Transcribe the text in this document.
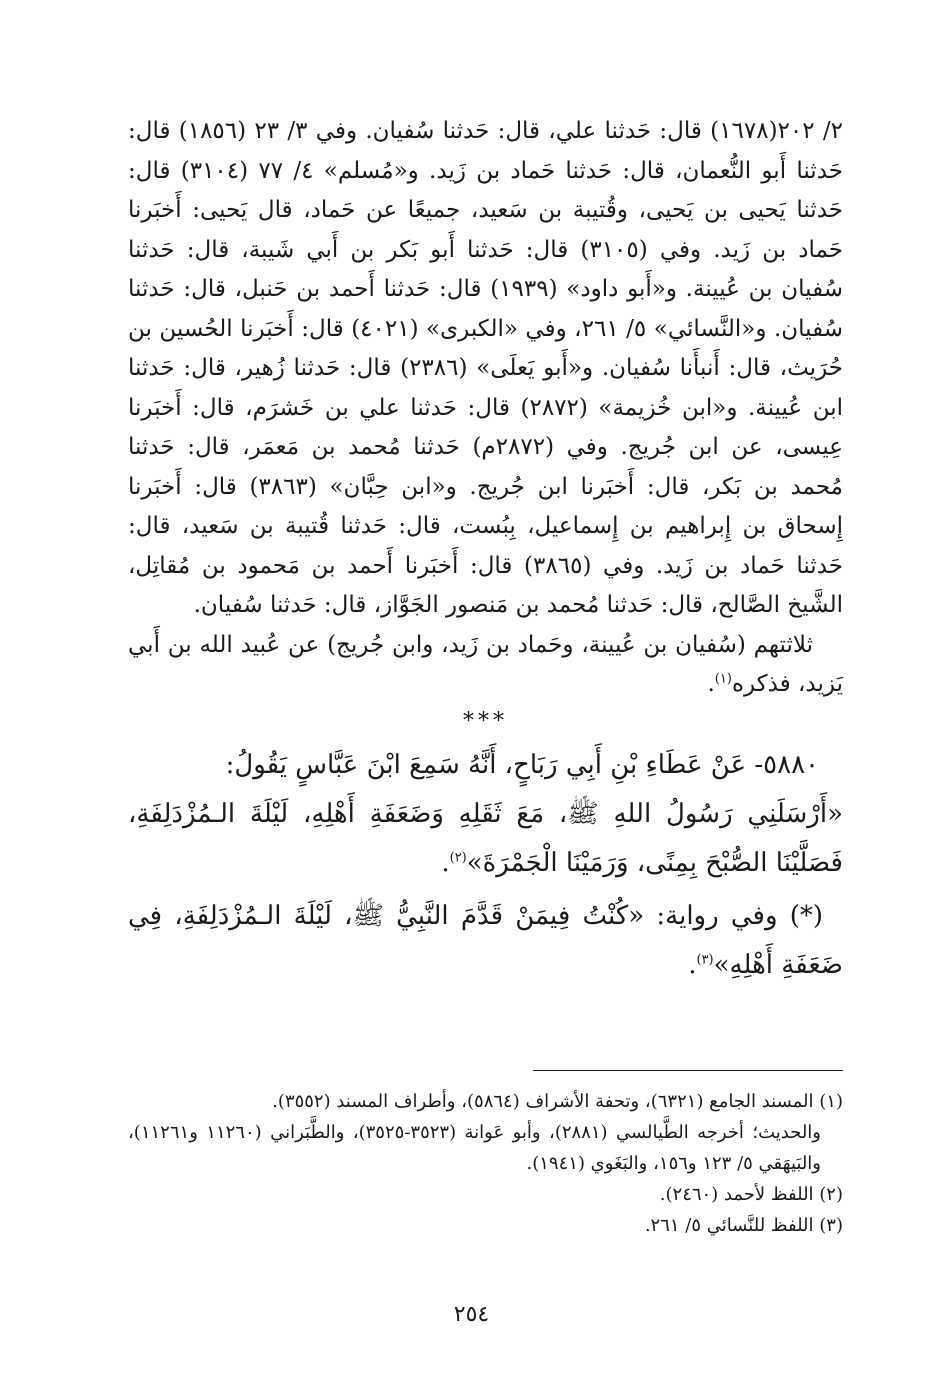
٢/ ٢٠٢(١٦٧٨) قال: حَدثنا علي، قال: حَدثنا سُفيان. وفي ٣/ ٢٣ (١٨٥٦) قال: حَدثنا أَبو النُّعمان، قال: حَدثنا حَماد بن زَيد. و«مُسلم» ٤/ ٧٧ (٣١٠٤) قال: حَدثنا يَحيى بن يَحيى، وقُتيبة بن سَعيد، جميعًا عن حَماد، قال يَحيى: أَخبَرنا حَماد بن زَيد. وفي (٣١٠٥) قال: حَدثنا أَبو بَكر بن أَبي شَيبة، قال: حَدثنا سُفيان بن عُيينة. و«أَبو داود» (١٩٣٩) قال: حَدثنا أَحمد بن حَنبل، قال: حَدثنا سُفيان. و«النَّسائي» ٥/ ٢٦١، وفي «الكبرى» (٤٠٢١) قال: أَخبَرنا الحُسين بن حُرَيث، قال: أَنبأَنا سُفيان. و«أَبو يَعلَى» (٢٣٨٦) قال: حَدثنا زُهير، قال: حَدثنا ابن عُيينة. و«ابن خُزيمة» (٢٨٧٢) قال: حَدثنا علي بن خَشرَم، قال: أَخبَرنا عِيسى، عن ابن جُريج. وفي (٢٨٧٢م) حَدثنا مُحمد بن مَعمَر، قال: حَدثنا مُحمد بن بَكر، قال: أَخبَرنا ابن جُريج. و«ابن حِبَّان» (٣٨٦٣) قال: أَخبَرنا إِسحاق بن إِبراهيم بن إِسماعيل، بِبُست، قال: حَدثنا قُتيبة بن سَعيد، قال: حَدثنا حَماد بن زَيد. وفي (٣٨٦٥) قال: أَخبَرنا أَحمد بن مَحمود بن مُقاتِل، الشَّيخ الصَّالح، قال: حَدثنا مُحمد بن مَنصور الجَوَّاز، قال: حَدثنا سُفيان.

ثلاثتهم (سُفيان بن عُيينة، وحَماد بن زَيد، وابن جُريج) عن عُبيد الله بن أَبي يَزيد، فذكره$^{(١)}$.

***

٥٨٨٠- عَنْ عَطَاءِ بْنِ أَبِي رَبَاحٍ، أَنَّهُ سَمِعَ ابْنَ عَبَّاسٍ يَقُولُ:

«أَرْسَلَنِي رَسُولُ اللهِ ﷺ، مَعَ ثَقَلِهِ وَضَعَفَةِ أَهْلِهِ، لَيْلَةَ الـمُزْدَلِفَةِ، فَصَلَّيْنَا الصُّبْحَ بِمِنًى، وَرَمَيْنَا الْجَمْرَةَ»$^{(٢)}$.

(*) وفي رواية: «كُنْتُ فِيمَنْ قَدَّمَ النَّبِيُّ ﷺ، لَيْلَةَ الـمُزْدَلِفَةِ، فِي ضَعَفَةِ أَهْلِهِ»$^{(٣)}$.

(١) المسند الجامع (٦٣٢١)، وتحفة الأشراف (٥٨٦٤)، وأطراف المسند (٣٥٥٢).

والحديث؛ أخرجه الطَّيالسي (٢٨٨١)، وأبو عَوانة (٣٥٢٣-٣٥٢٥)، والطَّبَراني (١١٢٦٠ و١١٢٦١)، والبَيهَقي ٥/ ١٢٣ و١٥٦، والبَغَوي (١٩٤١).

(٢) اللفظ لأحمد (٢٤٦٠).

(٣) اللفظ للنَّسائي ٥/ ٢٦١.

٢٥٤
